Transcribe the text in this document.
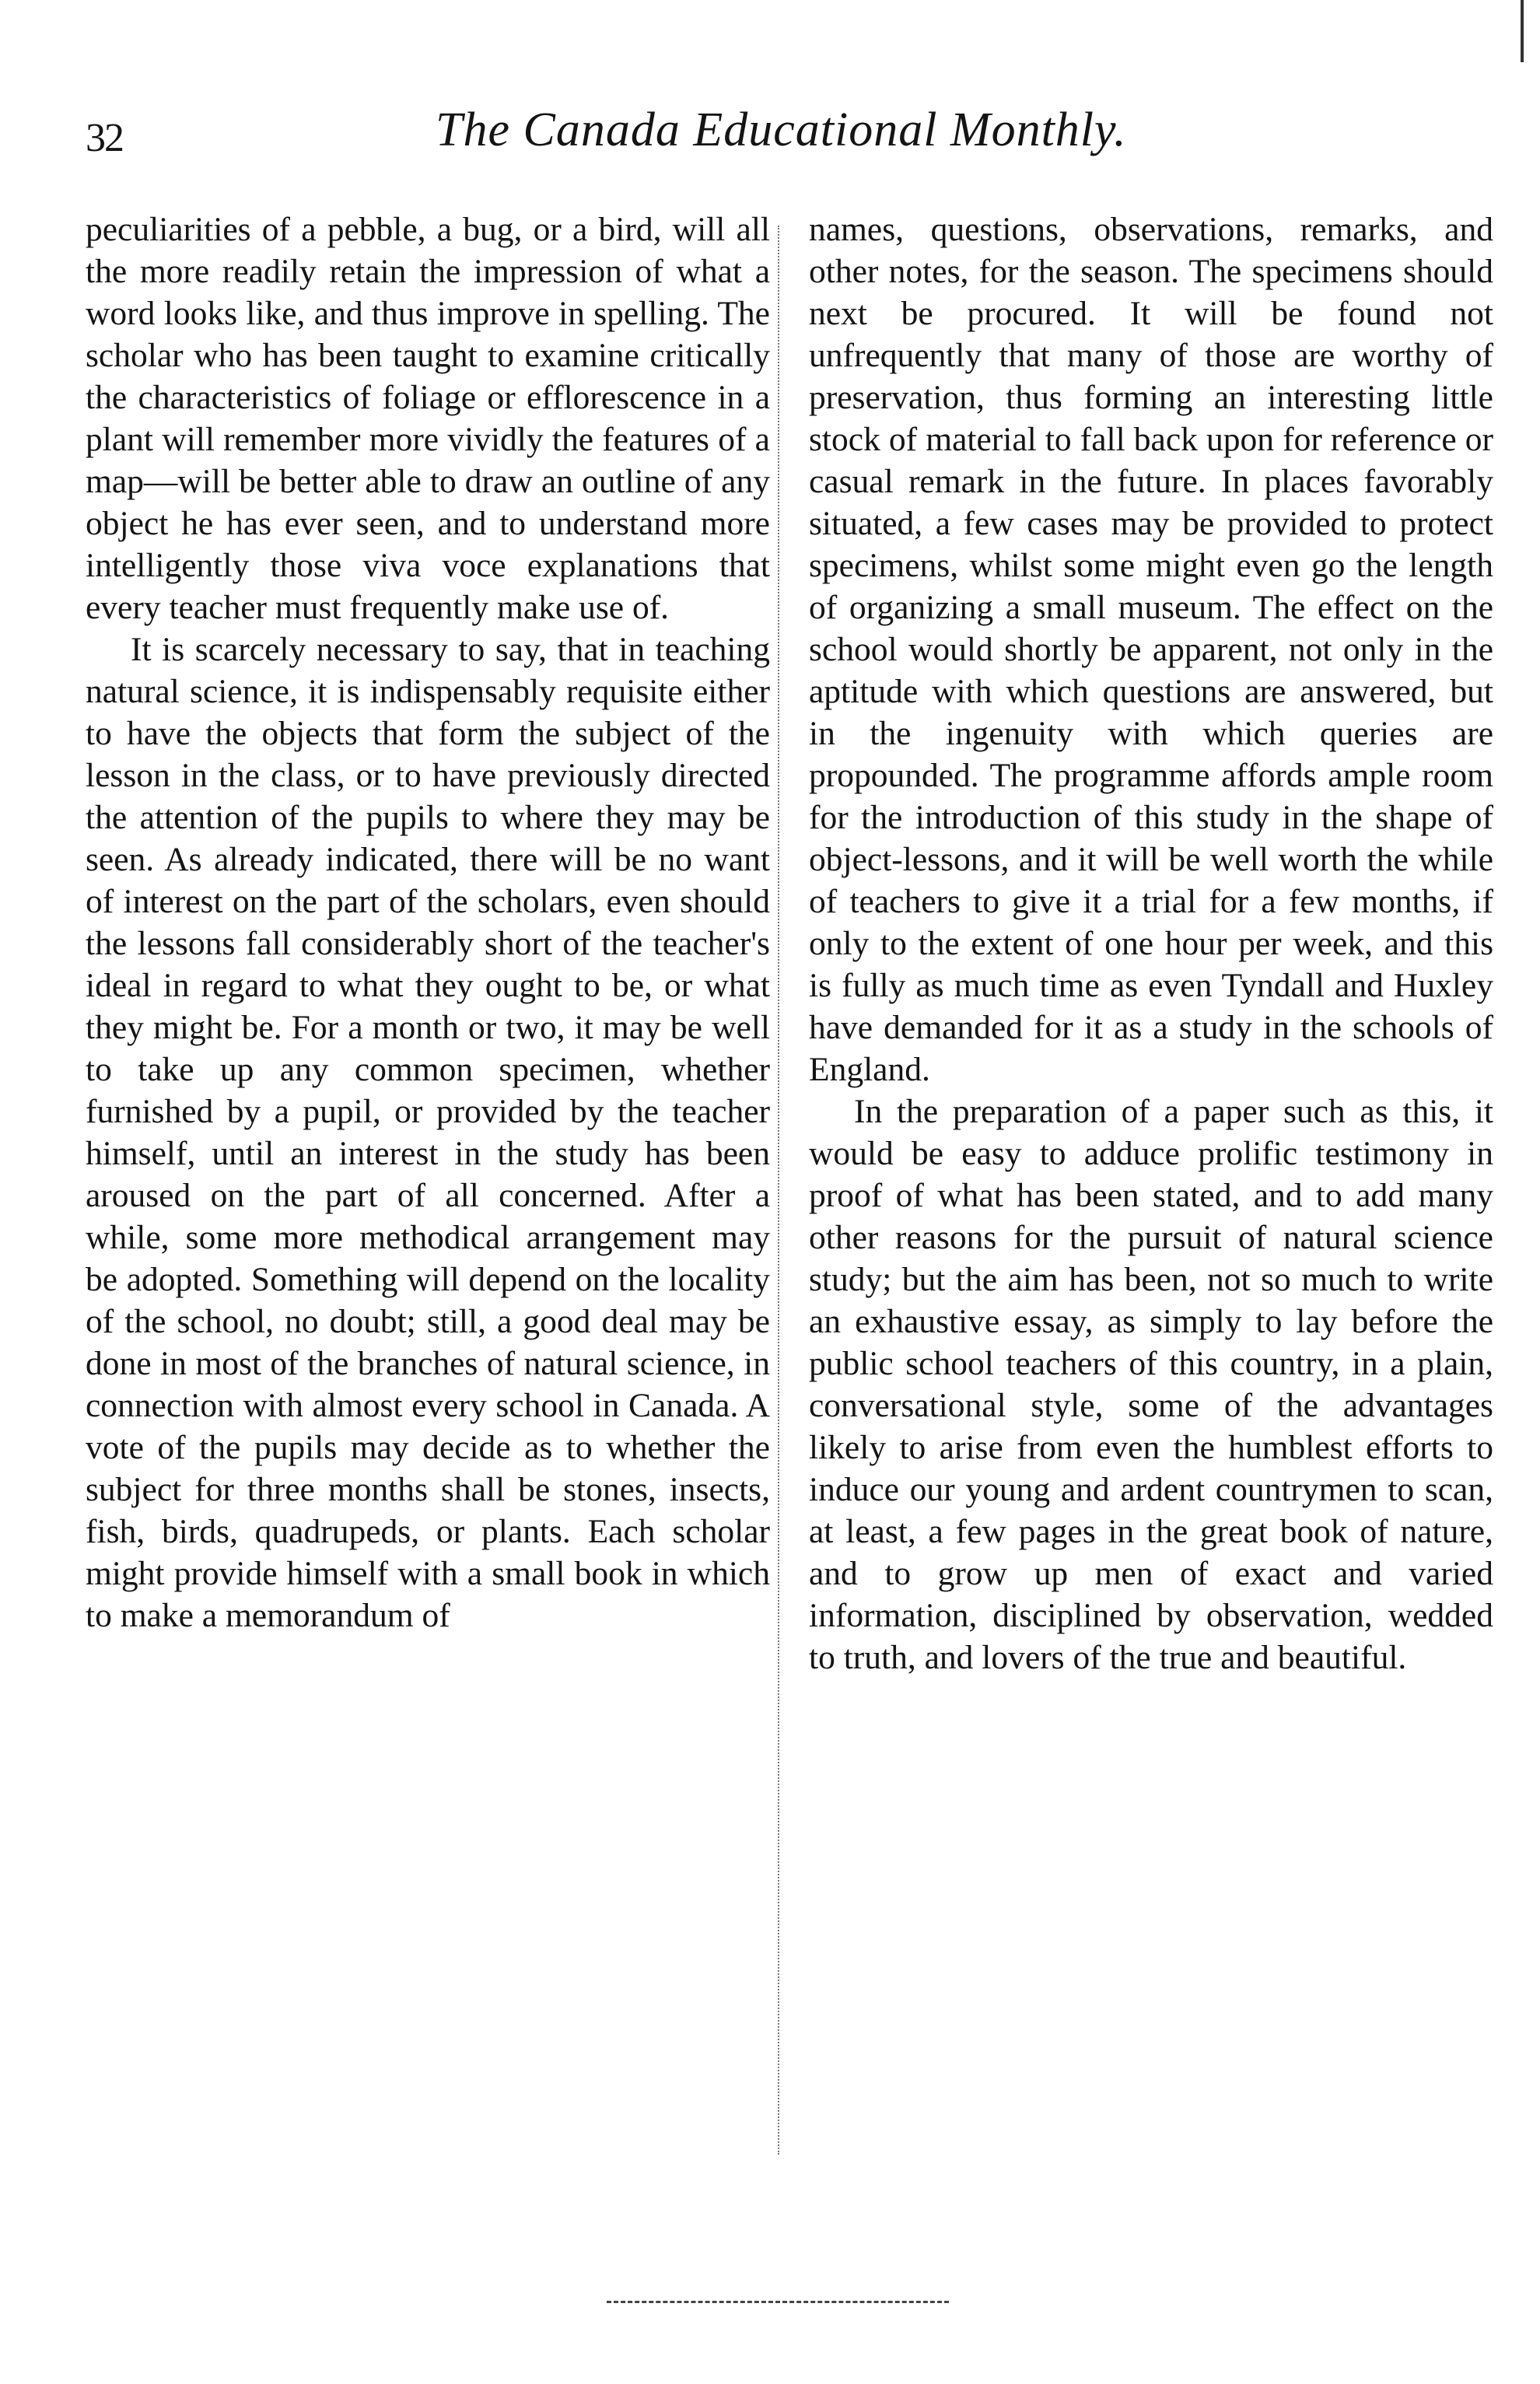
32	The Canada Educational Monthly.

peculiarities of a pebble, a bug, or a bird, will all the more readily retain the impression of what a word looks like, and thus improve in spelling. The scholar who has been taught to examine critically the characteristics of foliage or efflorescence in a plant will remember more vividly the features of a map—will be better able to draw an outline of any object he has ever seen, and to understand more intelligently those viva voce explanations that every teacher must frequently make use of.

It is scarcely necessary to say, that in teaching natural science, it is indispensably requisite either to have the objects that form the subject of the lesson in the class, or to have previously directed the attention of the pupils to where they may be seen. As already indicated, there will be no want of interest on the part of the scholars, even should the lessons fall considerably short of the teacher's ideal in regard to what they ought to be, or what they might be. For a month or two, it may be well to take up any common specimen, whether furnished by a pupil, or provided by the teacher himself, until an interest in the study has been aroused on the part of all concerned. After a while, some more methodical arrangement may be adopted. Something will depend on the locality of the school, no doubt; still, a good deal may be done in most of the branches of natural science, in connection with almost every school in Canada. A vote of the pupils may decide as to whether the subject for three months shall be stones, insects, fish, birds, quadrupeds, or plants. Each scholar might provide himself with a small book in which to make a memorandum of

names, questions, observations, remarks, and other notes, for the season. The specimens should next be procured. It will be found not unfrequently that many of those are worthy of preservation, thus forming an interesting little stock of material to fall back upon for reference or casual remark in the future. In places favorably situated, a few cases may be provided to protect specimens, whilst some might even go the length of organizing a small museum. The effect on the school would shortly be apparent, not only in the aptitude with which questions are answered, but in the ingenuity with which queries are propounded. The programme affords ample room for the introduction of this study in the shape of object-lessons, and it will be well worth the while of teachers to give it a trial for a few months, if only to the extent of one hour per week, and this is fully as much time as even Tyndall and Huxley have demanded for it as a study in the schools of England.

In the preparation of a paper such as this, it would be easy to adduce prolific testimony in proof of what has been stated, and to add many other reasons for the pursuit of natural science study; but the aim has been, not so much to write an exhaustive essay, as simply to lay before the public school teachers of this country, in a plain, conversational style, some of the advantages likely to arise from even the humblest efforts to induce our young and ardent countrymen to scan, at least, a few pages in the great book of nature, and to grow up men of exact and varied information, disciplined by observation, wedded to truth, and lovers of the true and beautiful.
